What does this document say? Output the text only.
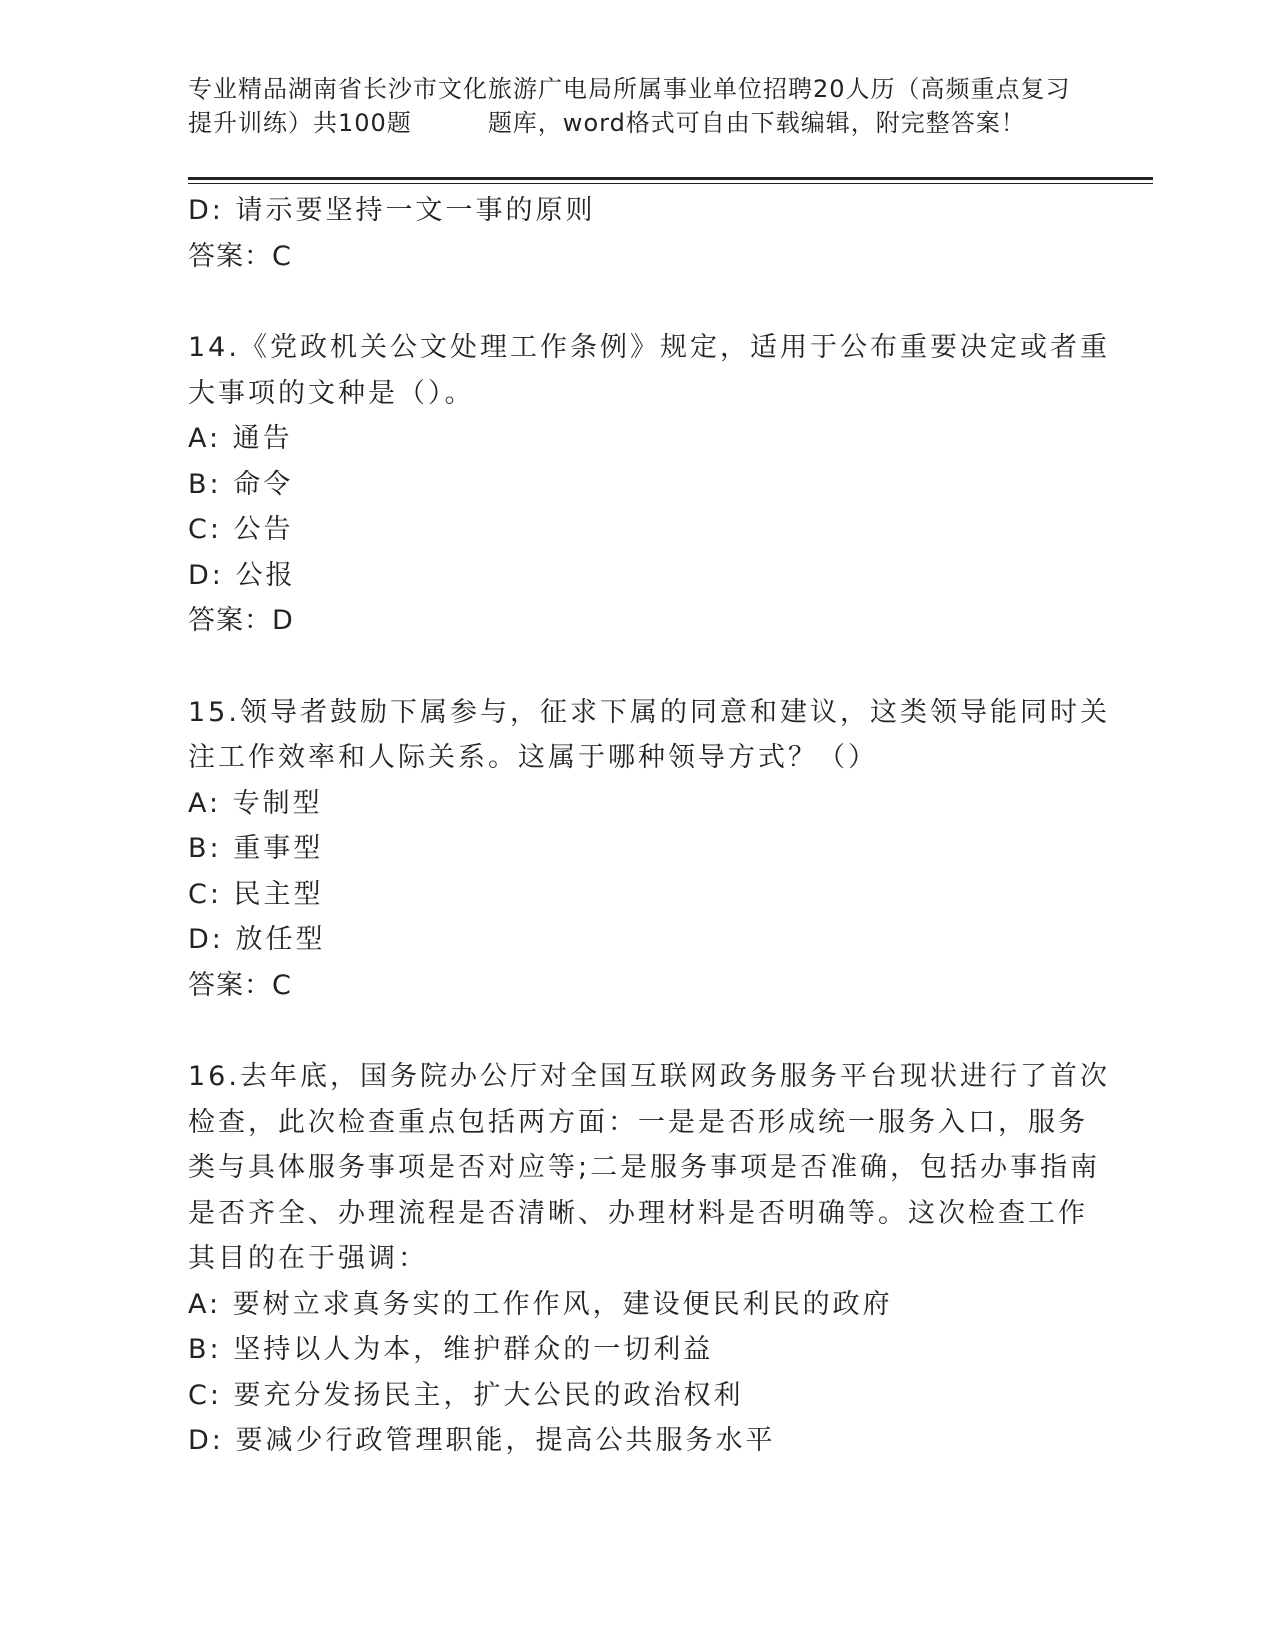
专业精品湖南省长沙市文化旅游广电局所属事业单位招聘20人历（高频重点复习
提升训练）共100题	题库，word格式可自由下载编辑，附完整答案！
D: 请示要坚持一文一事的原则
答案：C
14.《党政机关公文处理工作条例》规定，适用于公布重要决定或者重
大事项的文种是（）。
A: 通告
B: 命令
C: 公告
D: 公报
答案：D
15.领导者鼓励下属参与，征求下属的同意和建议，这类领导能同时关
注工作效率和人际关系。这属于哪种领导方式？（）
A: 专制型
B: 重事型
C: 民主型
D: 放任型
答案：C
16.去年底，国务院办公厅对全国互联网政务服务平台现状进行了首次
检查，此次检查重点包括两方面：一是是否形成统一服务入口，服务
类与具体服务事项是否对应等;二是服务事项是否准确，包括办事指南
是否齐全、办理流程是否清晰、办理材料是否明确等。这次检查工作
其目的在于强调：
A: 要树立求真务实的工作作风，建设便民利民的政府
B: 坚持以人为本，维护群众的一切利益
C: 要充分发扬民主，扩大公民的政治权利
D: 要减少行政管理职能，提高公共服务水平
